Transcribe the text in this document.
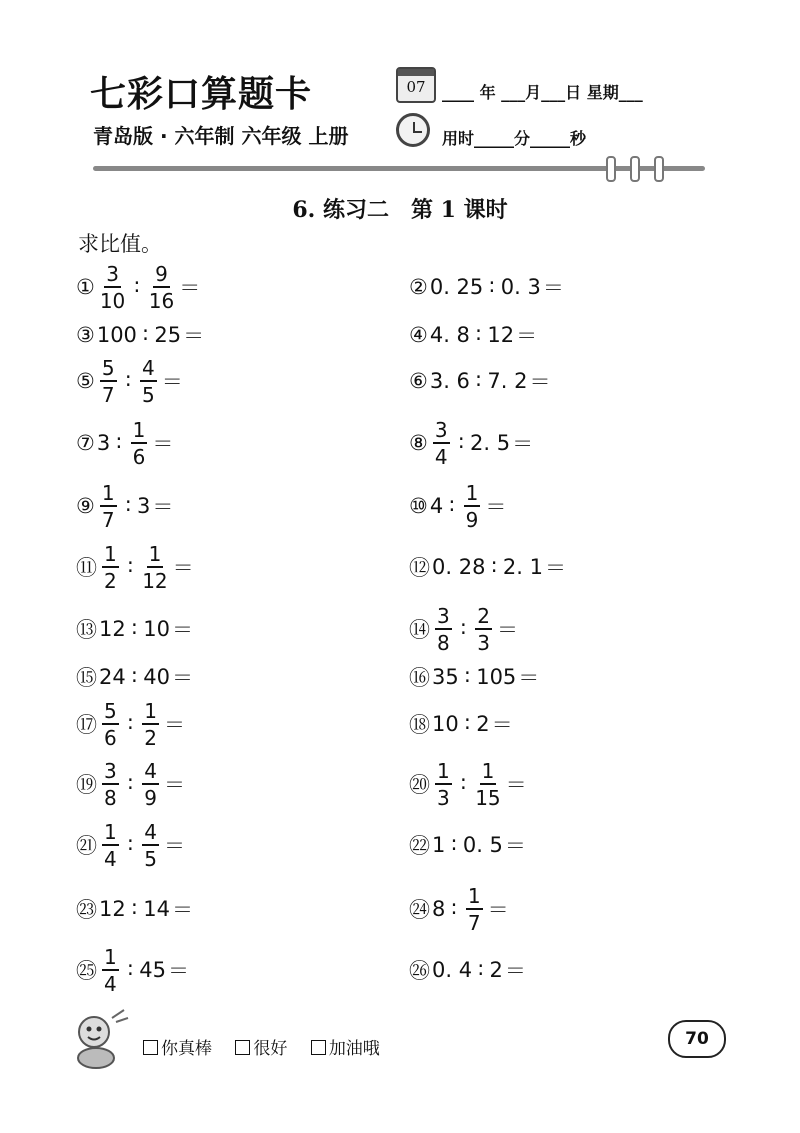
七彩口算题卡
青岛版 · 六年制 六年级 上册
07	____ 年 ___月___日 星期___
用时_____分_____秒
6. 练习二　第 1 课时
求比值。
① $\frac{3}{10}$ ∶ $\frac{9}{16}$ ＝	② 0. 25 ∶ 0. 3 ＝
③ 100 ∶ 25 ＝	④ 4. 8 ∶ 12 ＝
⑤ $\frac{5}{7}$ ∶ $\frac{4}{5}$ ＝	⑥ 3. 6 ∶ 7. 2 ＝
⑦ 3 ∶ $\frac{1}{6}$ ＝	⑧ $\frac{3}{4}$ ∶ 2. 5 ＝
⑨ $\frac{1}{7}$ ∶ 3 ＝	⑩ 4 ∶ $\frac{1}{9}$ ＝
⑪ $\frac{1}{2}$ ∶ $\frac{1}{12}$ ＝	⑫ 0. 28 ∶ 2. 1 ＝
⑬ 12 ∶ 10 ＝	⑭ $\frac{3}{8}$ ∶ $\frac{2}{3}$ ＝
⑮ 24 ∶ 40 ＝	⑯ 35 ∶ 105 ＝
⑰ $\frac{5}{6}$ ∶ $\frac{1}{2}$ ＝	⑱ 10 ∶ 2 ＝
⑲ $\frac{3}{8}$ ∶ $\frac{4}{9}$ ＝	⑳ $\frac{1}{3}$ ∶ $\frac{1}{15}$ ＝
㉑ $\frac{1}{4}$ ∶ $\frac{4}{5}$ ＝	㉒ 1 ∶ 0. 5 ＝
㉓ 12 ∶ 14 ＝	㉔ 8 ∶ $\frac{1}{7}$ ＝
㉕ $\frac{1}{4}$ ∶ 45 ＝	㉖ 0. 4 ∶ 2 ＝
你真棒 很好 加油哦	70
